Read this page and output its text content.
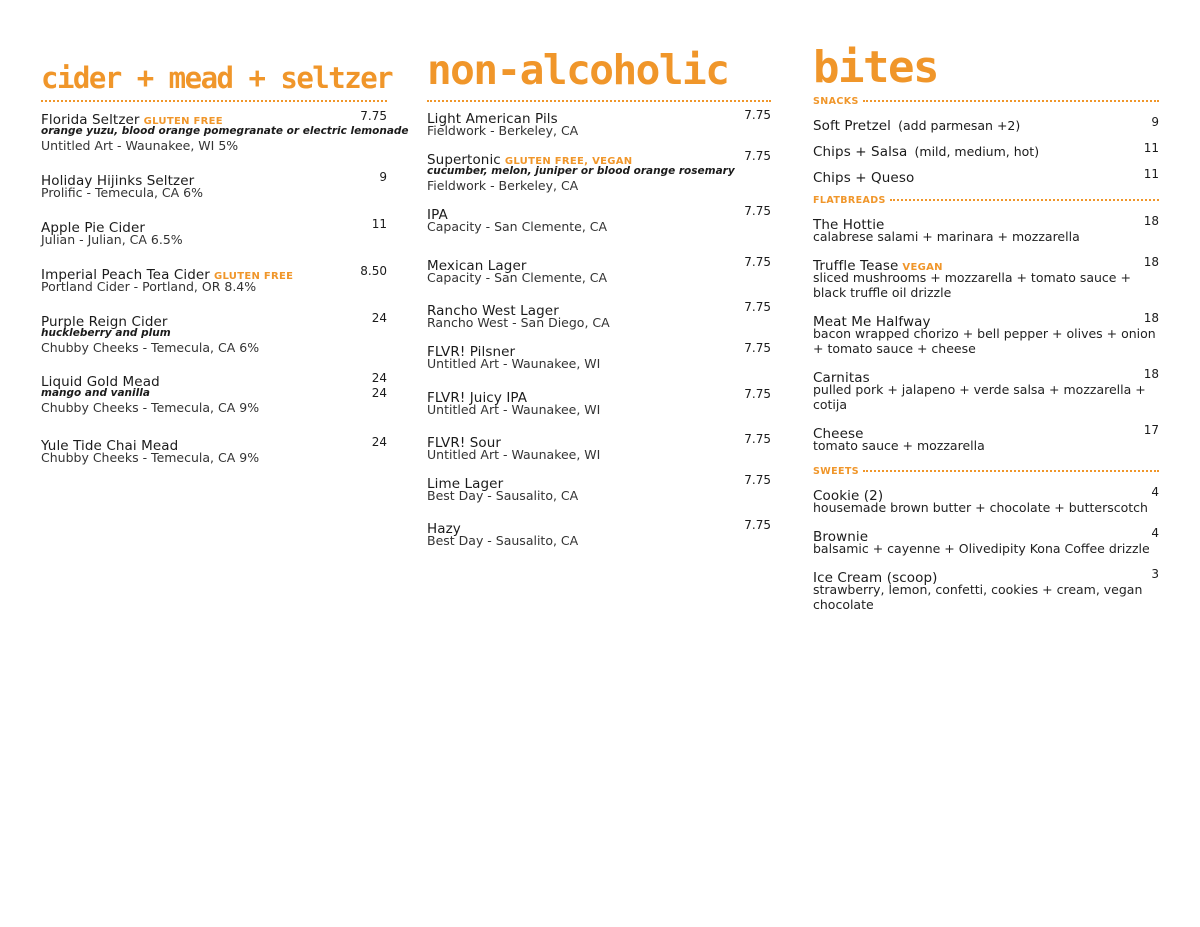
cider + mead + seltzer
Florida Seltzer GLUTEN FREE	7.75
orange yuzu, blood orange pomegranate or electric lemonade
Untitled Art - Waunakee, WI 5%
Holiday Hijinks Seltzer	9
Prolific - Temecula, CA 6%
Apple Pie Cider	11
Julian - Julian, CA 6.5%
Imperial Peach Tea Cider GLUTEN FREE	8.50
Portland Cider - Portland, OR 8.4%
Purple Reign Cider	24
huckleberry and plum
Chubby Cheeks - Temecula, CA 6%
Liquid Gold Mead	24
mango and vanilla	24
Chubby Cheeks - Temecula, CA 9%
Yule Tide Chai Mead	24
Chubby Cheeks - Temecula, CA 9%
non-alcoholic
Light American Pils	7.75
Fieldwork - Berkeley, CA
Supertonic GLUTEN FREE, VEGAN	7.75
cucumber, melon, juniper or blood orange rosemary
Fieldwork - Berkeley, CA
IPA	7.75
Capacity - San Clemente, CA
Mexican Lager	7.75
Capacity - San Clemente, CA
Rancho West Lager	7.75
Rancho West - San Diego, CA
FLVR! Pilsner	7.75
Untitled Art - Waunakee, WI
FLVR! Juicy IPA	7.75
Untitled Art - Waunakee, WI
FLVR! Sour	7.75
Untitled Art - Waunakee, WI
Lime Lager	7.75
Best Day - Sausalito, CA
Hazy	7.75
Best Day - Sausalito, CA
bites
SNACKS
Soft Pretzel (add parmesan +2)	9
Chips + Salsa (mild, medium, hot)	11
Chips + Queso	11
FLATBREADS
The Hottie	18
calabrese salami + marinara + mozzarella
Truffle Tease VEGAN	18
sliced mushrooms + mozzarella + tomato sauce + black truffle oil drizzle
Meat Me Halfway	18
bacon wrapped chorizo + bell pepper + olives + onion + tomato sauce + cheese
Carnitas	18
pulled pork + jalapeno + verde salsa + mozzarella + cotija
Cheese	17
tomato sauce + mozzarella
SWEETS
Cookie (2)	4
housemade brown butter + chocolate + butterscotch
Brownie	4
balsamic + cayenne + Olivedipity Kona Coffee drizzle
Ice Cream (scoop)	3
strawberry, lemon, confetti, cookies + cream, vegan chocolate
